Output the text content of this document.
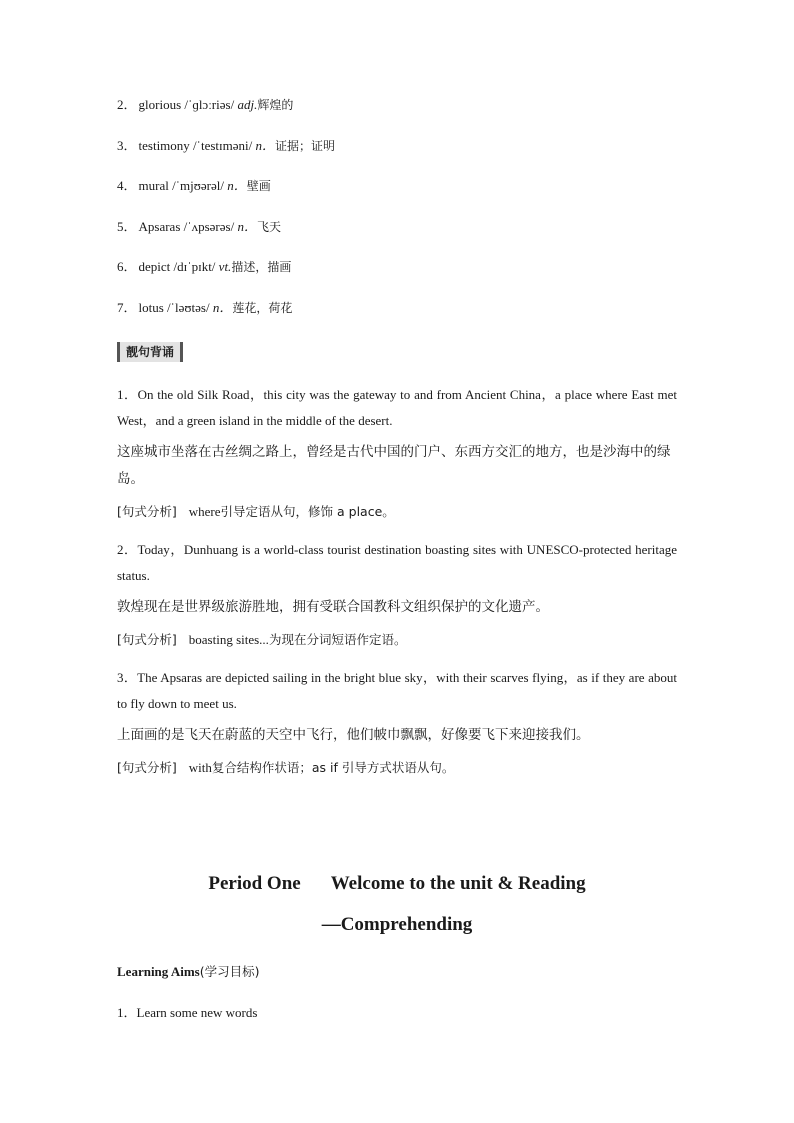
2． glorious /ˈɡlɔːriəs/ adj.辉煌的
3． testimony /ˈtestɪməni/ n．证据；证明
4． mural /ˈmjʊərəl/ n．壁画
5． Apsaras /ˈʌpsərəs/ n．飞天
6． depict /dɪˈpɪkt/ vt.描述，描画
7． lotus /ˈləʊtəs/ n．莲花，荷花
靓句背诵

1．On the old Silk Road，this city was the gateway to and from Ancient China，a place where East met West，and a green island in the middle of the desert.

这座城市坐落在古丝绸之路上，曾经是古代中国的门户、东西方交汇的地方，也是沙海中的绿岛。

[句式分析] where引导定语从句，修饰 a place。

2．Today，Dunhuang is a world-class tourist destination boasting sites with UNESCO-protected heritage status.

敦煌现在是世界级旅游胜地，拥有受联合国教科文组织保护的文化遗产。

[句式分析] boasting sites...为现在分词短语作定语。

3．The Apsaras are depicted sailing in the bright blue sky，with their scarves flying，as if they are about to fly down to meet us.

上面画的是飞天在蔚蓝的天空中飞行，他们帔巾飘飘，好像要飞下来迎接我们。

[句式分析] with复合结构作状语；as if 引导方式状语从句。

Period One Welcome to the unit & Reading
—Comprehending
Learning Aims(学习目标)
1．Learn some new words
